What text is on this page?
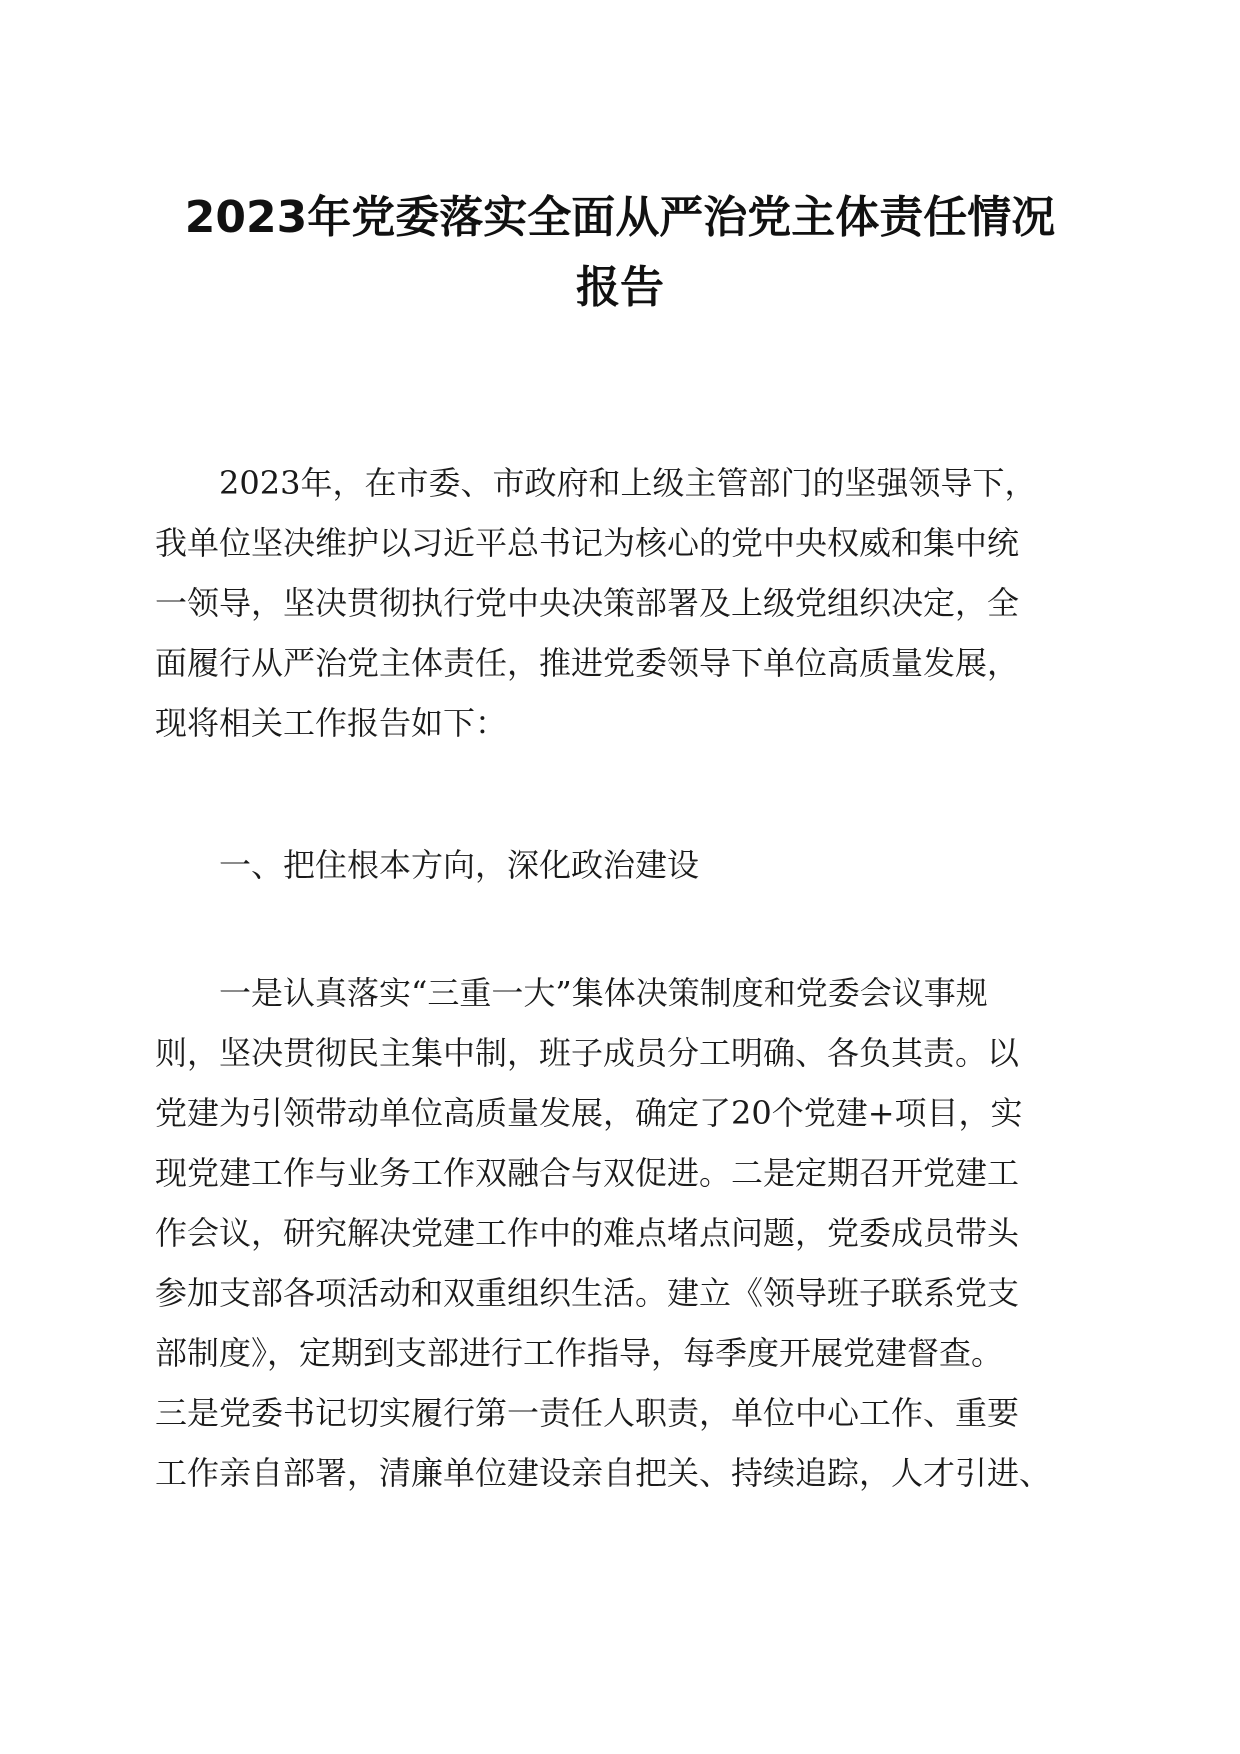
2023年党委落实全面从严治党主体责任情况
报告
2023年，在市委、市政府和上级主管部门的坚强领导下，
我单位坚决维护以习近平总书记为核心的党中央权威和集中统
一领导，坚决贯彻执行党中央决策部署及上级党组织决定，全
面履行从严治党主体责任，推进党委领导下单位高质量发展，
现将相关工作报告如下：
一、把住根本方向，深化政治建设
一是认真落实“三重一大”集体决策制度和党委会议事规
则，坚决贯彻民主集中制，班子成员分工明确、各负其责。以
党建为引领带动单位高质量发展，确定了20个党建+项目，实
现党建工作与业务工作双融合与双促进。二是定期召开党建工
作会议，研究解决党建工作中的难点堵点问题，党委成员带头
参加支部各项活动和双重组织生活。建立《领导班子联系党支
部制度》，定期到支部进行工作指导，每季度开展党建督查。
三是党委书记切实履行第一责任人职责，单位中心工作、重要
工作亲自部署，清廉单位建设亲自把关、持续追踪，人才引进、
